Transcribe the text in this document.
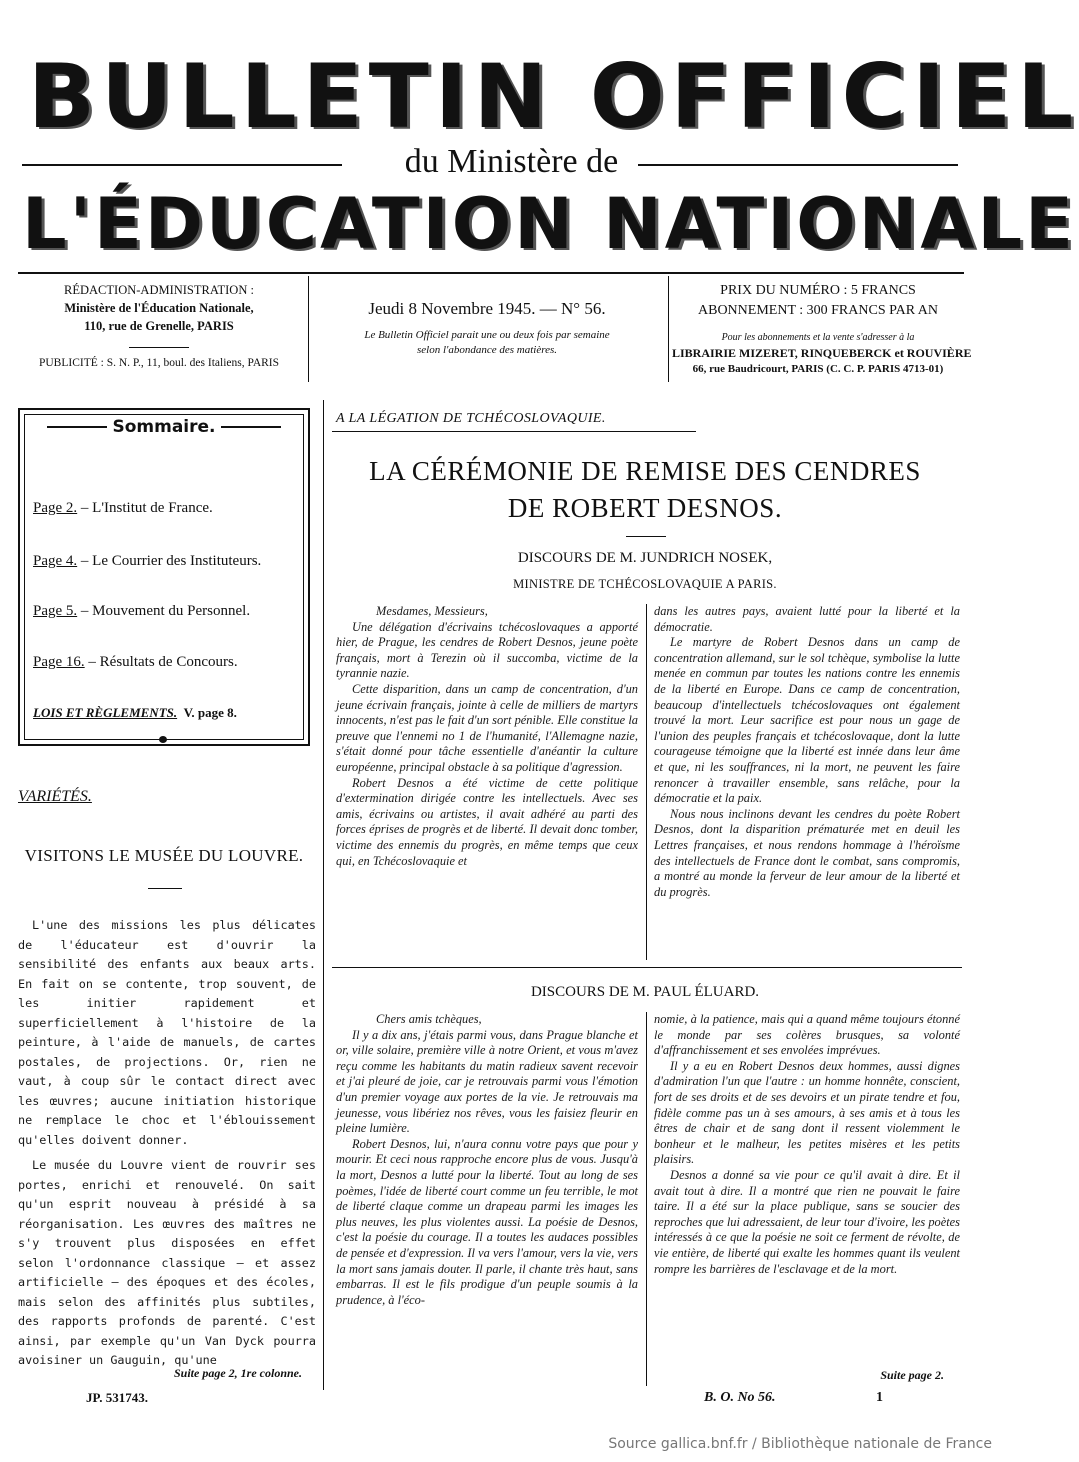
BULLETIN OFFICIEL
du Ministère de
L'ÉDUCATION NATIONALE
RÉDACTION-ADMINISTRATION :
Ministère de l'Éducation Nationale,
110, rue de Grenelle, PARIS
PUBLICITÉ : S. N. P., 11, boul. des Italiens, PARIS
Jeudi 8 Novembre 1945. — N° 56.
Le Bulletin Officiel parait une ou deux fois par semaine
selon l'abondance des matières.
PRIX DU NUMÉRO : 5 FRANCS
ABONNEMENT : 300 FRANCS PAR AN
Pour les abonnements et la vente s'adresser à la
LIBRAIRIE MIZERET, RINQUEBERCK et ROUVIÈRE
66, rue Baudricourt, PARIS (C. C. P. PARIS 4713-01)
Sommaire.
Page 2. – L'Institut de France.
Page 4. – Le Courrier des Instituteurs.
Page 5. – Mouvement du Personnel.
Page 16. – Résultats de Concours.
LOIS ET RÈGLEMENTS. V. page 8.
VARIÉTÉS.
VISITONS LE MUSÉE DU LOUVRE.

L'une des missions les plus délicates de l'éducateur est d'ouvrir la sensibilité des enfants aux beaux arts. En fait on se contente, trop souvent, de les initier rapidement et superficiellement à l'histoire de la peinture, à l'aide de manuels, de cartes postales, de projections. Or, rien ne vaut, à coup sûr le contact direct avec les œuvres; aucune initiation historique ne remplace le choc et l'éblouissement qu'elles doivent donner.

Le musée du Louvre vient de rouvrir ses portes, enrichi et renouvelé. On sait qu'un esprit nouveau à présidé à sa réorganisation. Les œuvres des maîtres ne s'y trouvent plus disposées en effet selon l'ordonnance classique — et assez artificielle — des époques et des écoles, mais selon des affinités plus subtiles, des rapports profonds de parenté. C'est ainsi, par exemple qu'un Van Dyck pourra avoisiner un Gauguin, qu'une

Suite page 2, 1re colonne.
JP. 531743.
A LA LÉGATION DE TCHÉCOSLOVAQUIE.
LA CÉRÉMONIE DE REMISE DES CENDRES
DE ROBERT DESNOS.
DISCOURS DE M. JUNDRICH NOSEK,
MINISTRE DE TCHÉCOSLOVAQUIE A PARIS.

Mesdames, Messieurs,

Une délégation d'écrivains tchécoslovaques a apporté hier, de Prague, les cendres de Robert Desnos, jeune poète français, mort à Terezin où il succomba, victime de la tyrannie nazie.

Cette disparition, dans un camp de concentration, d'un jeune écrivain français, jointe à celle de milliers de martyrs innocents, n'est pas le fait d'un sort pénible. Elle constitue la preuve que l'ennemi no 1 de l'humanité, l'Allemagne nazie, s'était donné pour tâche essentielle d'anéantir la culture européenne, principal obstacle à sa politique d'agression.

Robert Desnos a été victime de cette politique d'extermination dirigée contre les intellectuels. Avec ses amis, écrivains ou artistes, il avait adhéré au parti des forces éprises de progrès et de liberté. Il devait donc tomber, victime des ennemis du progrès, en même temps que ceux qui, en Tchécoslovaquie et

dans les autres pays, avaient lutté pour la liberté et la démocratie.

Le martyre de Robert Desnos dans un camp de concentration allemand, sur le sol tchèque, symbolise la lutte menée en commun par toutes les nations contre les ennemis de la liberté en Europe. Dans ce camp de concentration, beaucoup d'intellectuels tchécoslovaques ont également trouvé la mort. Leur sacrifice est pour nous un gage de l'union des peuples français et tchécoslovaque, dont la lutte courageuse témoigne que la liberté est innée dans leur âme et que, ni les souffrances, ni la mort, ne peuvent les faire renoncer à travailler ensemble, sans relâche, pour la démocratie et la paix.

Nous nous inclinons devant les cendres du poète Robert Desnos, dont la disparition prématurée met en deuil les Lettres françaises, et nous rendons hommage à l'héroïsme des intellectuels de France dont le combat, sans compromis, a montré au monde la ferveur de leur amour de la liberté et du progrès.

DISCOURS DE M. PAUL ÉLUARD.

Chers amis tchèques,

Il y a dix ans, j'étais parmi vous, dans Prague blanche et or, ville solaire, première ville à notre Orient, et vous m'avez reçu comme les habitants du matin radieux savent recevoir et j'ai pleuré de joie, car je retrouvais parmi vous l'émotion d'un premier voyage aux portes de la vie. Je retrouvais ma jeunesse, vous libériez nos rêves, vous les faisiez fleurir en pleine lumière.

Robert Desnos, lui, n'aura connu votre pays que pour y mourir. Et ceci nous rapproche encore plus de vous. Jusqu'à la mort, Desnos a lutté pour la liberté. Tout au long de ses poèmes, l'idée de liberté court comme un feu terrible, le mot de liberté claque comme un drapeau parmi les images les plus neuves, les plus violentes aussi. La poésie de Desnos, c'est la poésie du courage. Il a toutes les audaces possibles de pensée et d'expression. Il va vers l'amour, vers la vie, vers la mort sans jamais douter. Il parle, il chante très haut, sans embarras. Il est le fils prodigue d'un peuple soumis à la prudence, à l'éco-

nomie, à la patience, mais qui a quand même toujours étonné le monde par ses colères brusques, sa volonté d'affranchissement et ses envolées imprévues.

Il y a eu en Robert Desnos deux hommes, aussi dignes d'admiration l'un que l'autre : un homme honnête, conscient, fort de ses droits et de ses devoirs et un pirate tendre et fou, fidèle comme pas un à ses amours, à ses amis et à tous les êtres de chair et de sang dont il ressent violemment le bonheur et le malheur, les petites misères et les petits plaisirs.

Desnos a donné sa vie pour ce qu'il avait à dire. Et il avait tout à dire. Il a montré que rien ne pouvait le faire taire. Il a été sur la place publique, sans se soucier des reproches que lui adressaient, de leur tour d'ivoire, les poètes intéressés à ce que la poésie ne soit ce ferment de révolte, de vie entière, de liberté qui exalte les hommes quant ils veulent rompre les barrières de l'esclavage et de la mort.

Suite page 2.
B. O. No 56.	1
Source gallica.bnf.fr / Bibliothèque nationale de France
